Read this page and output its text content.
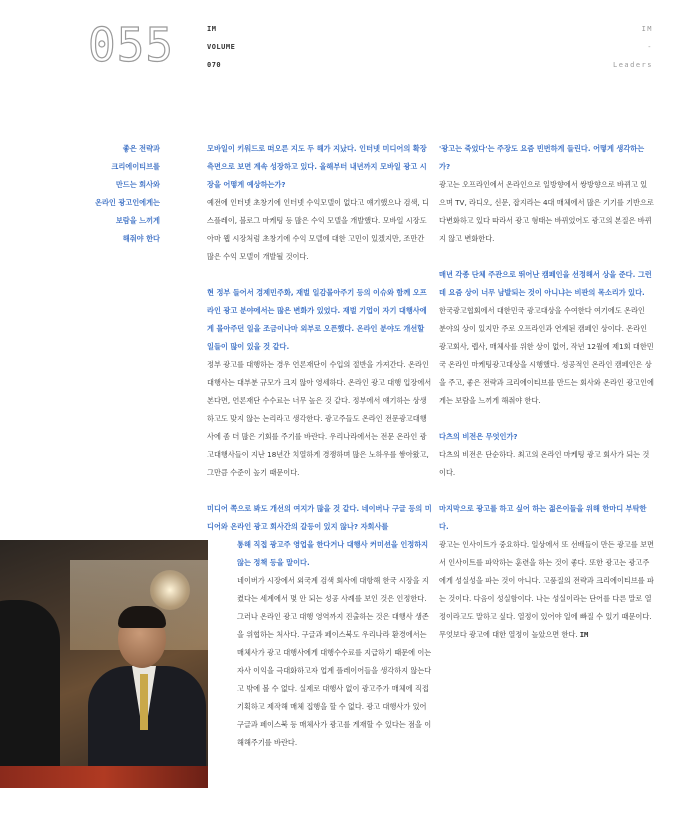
055	IM
VOLUME
070
IM
-
Leaders
좋은 전략과
크리에이티브를
만드는 회사와
온라인 광고인에게는
보람을 느끼게
해줘야 한다

모바일이 키워드로 떠오른 지도 두 해가 지났다. 인터넷 미디어의 확장측면으로 보면 계속 성장하고 있다. 올해부터 내년까지 모바일 광고 시장을 어떻게 예상하는가?

예전에 인터넷 초창기에 인터넷 수익모델이 없다고 얘기했으나 검색, 디스플레이, 블로그 마케팅 등 많은 수익 모델을 개발했다. 모바일 시장도 아마 웹 시장처럼 초창기에 수익 모델에 대한 고민이 있겠지만, 조만간 많은 수익 모델이 개발될 것이다.

현 정부 들어서 경제민주화, 재벌 일감몰아주기 등의 이슈와 함께 오프라인 광고 분야에서는 많은 변화가 있었다. 재벌 기업이 자기 대행사에게 몰아주던 일을 조금이나마 외부로 오픈했다. 온라인 분야도 개선할 일들이 많이 있을 것 같다.

정부 광고를 대행하는 경우 언론재단이 수입의 절반을 가져간다. 온라인 대행사는 대부분 규모가 크지 않아 영세하다. 온라인 광고 대행 입장에서 본다면, 언론재단 수수료는 너무 높은 것 같다. 정부에서 얘기하는 상생하고도 맞지 않는 논리라고 생각한다. 광고주들도 온라인 전문광고대행사에 좀 더 많은 기회를 주기를 바란다. 우리나라에서는 전문 온라인 광고대행사들이 지난 18년간 치열하게 경쟁하며 많은 노하우를 쌓아왔고, 그만큼 수준이 높기 때문이다.

미디어 쪽으로 봐도 개선의 여지가 많을 것 같다. 네이버나 구글 등의 미디어와 온라인 광고 회사간의 갈등이 있지 않나? 자회사를

통해 직접 광고주 영업을 한다거나 대행사 커미션을 인정하지 않는 정책 등을 말이다.

네이버가 시장에서 외국계 검색 회사에 대항해 한국 시장을 지켰다는 세계에서 몇 안 되는 성공 사례를 보인 것은 인정한다. 그러나 온라인 광고 대행 영역까지 진출하는 것은 대행사 생존을 위협하는 처사다. 구글과 페이스북도 우리나라 환경에서는 매체사가 광고 대행사에게 대행수수료를 지급하기 때문에 이는 자사 이익을 극대화하고자 업계 플레이어들을 생각하지 않는다고 밖에 볼 수 없다. 실제로 대행사 없이 광고주가 매체에 직접 기획하고 제작해 매체 집행을 할 수 없다. 광고 대행사가 있어 구글과 페이스북 등 매체사가 광고를 게재할 수 있다는 점을 이해해주기를 바란다.

'광고는 죽었다'는 주장도 요즘 빈번하게 들린다. 어떻게 생각하는가?

광고는 오프라인에서 온라인으로 일방향에서 쌍방향으로 바뀌고 있으며 TV, 라디오, 신문, 잡지라는 4대 매체에서 많은 기기를 기반으로 다변화하고 있다 따라서 광고 형태는 바뀌었어도 광고의 본질은 바뀌지 않고 변화한다.

매년 각종 단체 주관으로 뛰어난 캠페인을 선정해서 상을 준다. 그런데 요즘 상이 너무 남발되는 것이 아니냐는 비판의 목소리가 있다.

한국광고협회에서 대한민국 광고대상을 수여한다 여기에도 온라인 분야의 상이 있지만 주로 오프라인과 연계된 캠페인 상이다. 온라인 광고회사, 렙사, 매체사를 위한 상이 없어, 작년 12월에 제1회 대한민국 온라인 마케팅광고대상을 시행했다. 성공적인 온라인 캠페인은 상을 주고, 좋은 전략과 크리에이티브를 만드는 회사와 온라인 광고인에게는 보람을 느끼게 해줘야 한다.

다츠의 비전은 무엇인가?

다츠의 비전은 단순하다. 최고의 온라인 마케팅 광고 회사가 되는 것이다.

마지막으로 광고를 하고 싶어 하는 젊은이들을 위해 한마디 부탁한다.

광고는 인사이트가 중요하다. 일상에서 또 선배들이 만든 광고를 보면서 인사이트를 파악하는 훈련을 하는 것이 좋다. 또한 광고는 광고주에게 성실성을 파는 것이 아니다. 고품질의 전략과 크리에이티브를 파는 것이다. 다음이 성실함이다. 나는 성실이라는 단어를 다른 말로 열정이라고도 말하고 싶다. 열정이 있어야 일에 빠질 수 있기 때문이다. 무엇보다 광고에 대한 열정이 높았으면 한다. IM
